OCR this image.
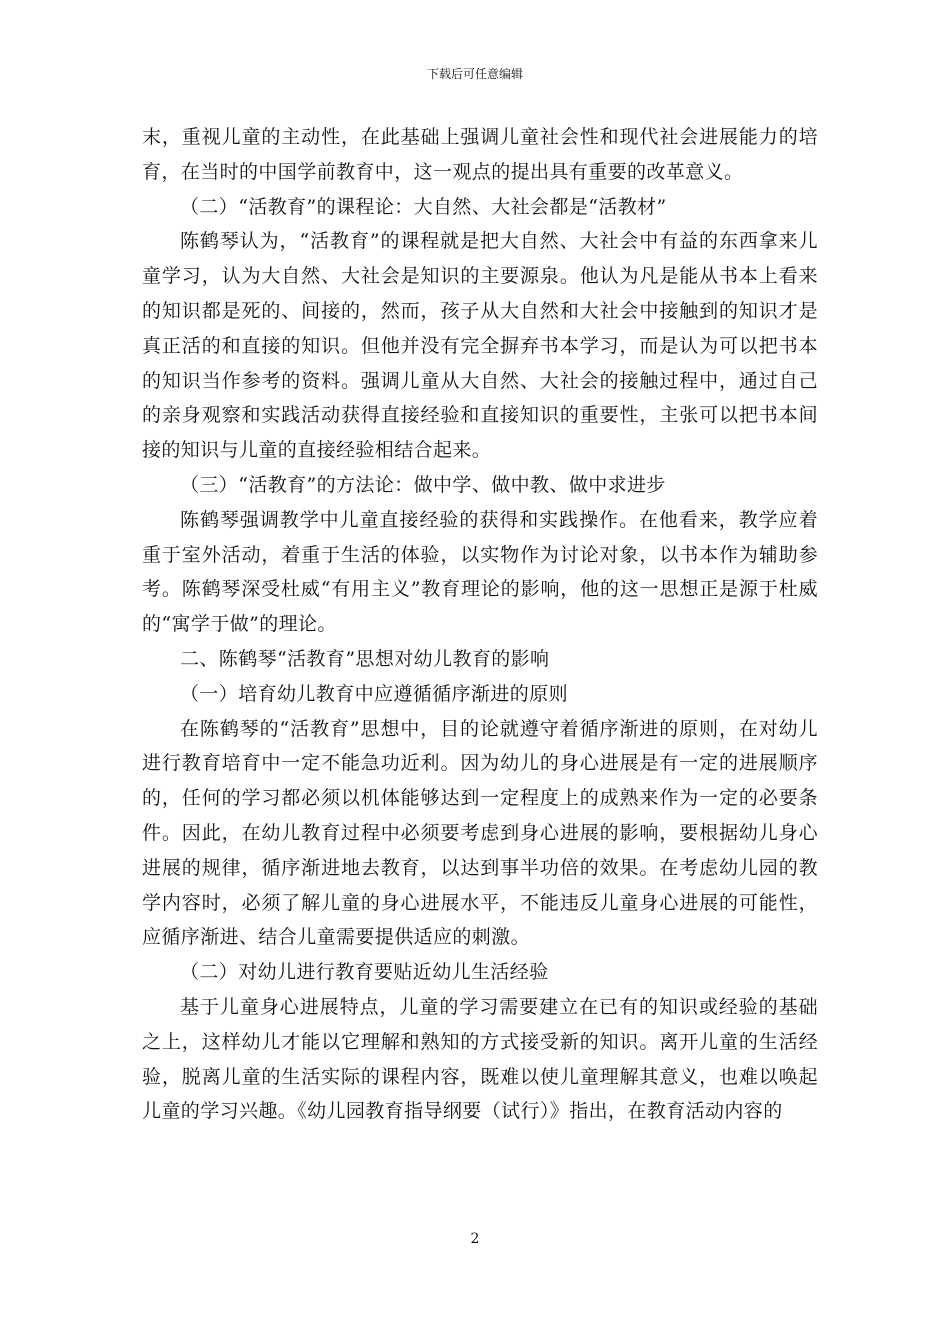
下载后可任意编辑

末，重视儿童的主动性，在此基础上强调儿童社会性和现代社会进展能力的培育，在当时的中国学前教育中，这一观点的提出具有重要的改革意义。

（二）“活教育”的课程论：大自然、大社会都是“活教材”

陈鹤琴认为，“活教育”的课程就是把大自然、大社会中有益的东西拿来儿童学习，认为大自然、大社会是知识的主要源泉。他认为凡是能从书本上看来的知识都是死的、间接的，然而，孩子从大自然和大社会中接触到的知识才是真正活的和直接的知识。但他并没有完全摒弃书本学习，而是认为可以把书本的知识当作参考的资料。强调儿童从大自然、大社会的接触过程中，通过自己的亲身观察和实践活动获得直接经验和直接知识的重要性，主张可以把书本间接的知识与儿童的直接经验相结合起来。

（三）“活教育”的方法论：做中学、做中教、做中求进步

陈鹤琴强调教学中儿童直接经验的获得和实践操作。在他看来，教学应着重于室外活动，着重于生活的体验，以实物作为讨论对象，以书本作为辅助参考。陈鹤琴深受杜威“有用主义”教育理论的影响，他的这一思想正是源于杜威的“寓学于做”的理论。

二、陈鹤琴“活教育”思想对幼儿教育的影响

（一）培育幼儿教育中应遵循循序渐进的原则

在陈鹤琴的“活教育”思想中，目的论就遵守着循序渐进的原则，在对幼儿进行教育培育中一定不能急功近利。因为幼儿的身心进展是有一定的进展顺序的，任何的学习都必须以机体能够达到一定程度上的成熟来作为一定的必要条件。因此，在幼儿教育过程中必须要考虑到身心进展的影响，要根据幼儿身心进展的规律，循序渐进地去教育，以达到事半功倍的效果。在考虑幼儿园的教学内容时，必须了解儿童的身心进展水平，不能违反儿童身心进展的可能性，应循序渐进、结合儿童需要提供适应的刺激。

（二）对幼儿进行教育要贴近幼儿生活经验

基于儿童身心进展特点，儿童的学习需要建立在已有的知识或经验的基础之上，这样幼儿才能以它理解和熟知的方式接受新的知识。离开儿童的生活经验，脱离儿童的生活实际的课程内容，既难以使儿童理解其意义，也难以唤起儿童的学习兴趣。《幼儿园教育指导纲要（试行）》指出，在教育活动内容的

2
